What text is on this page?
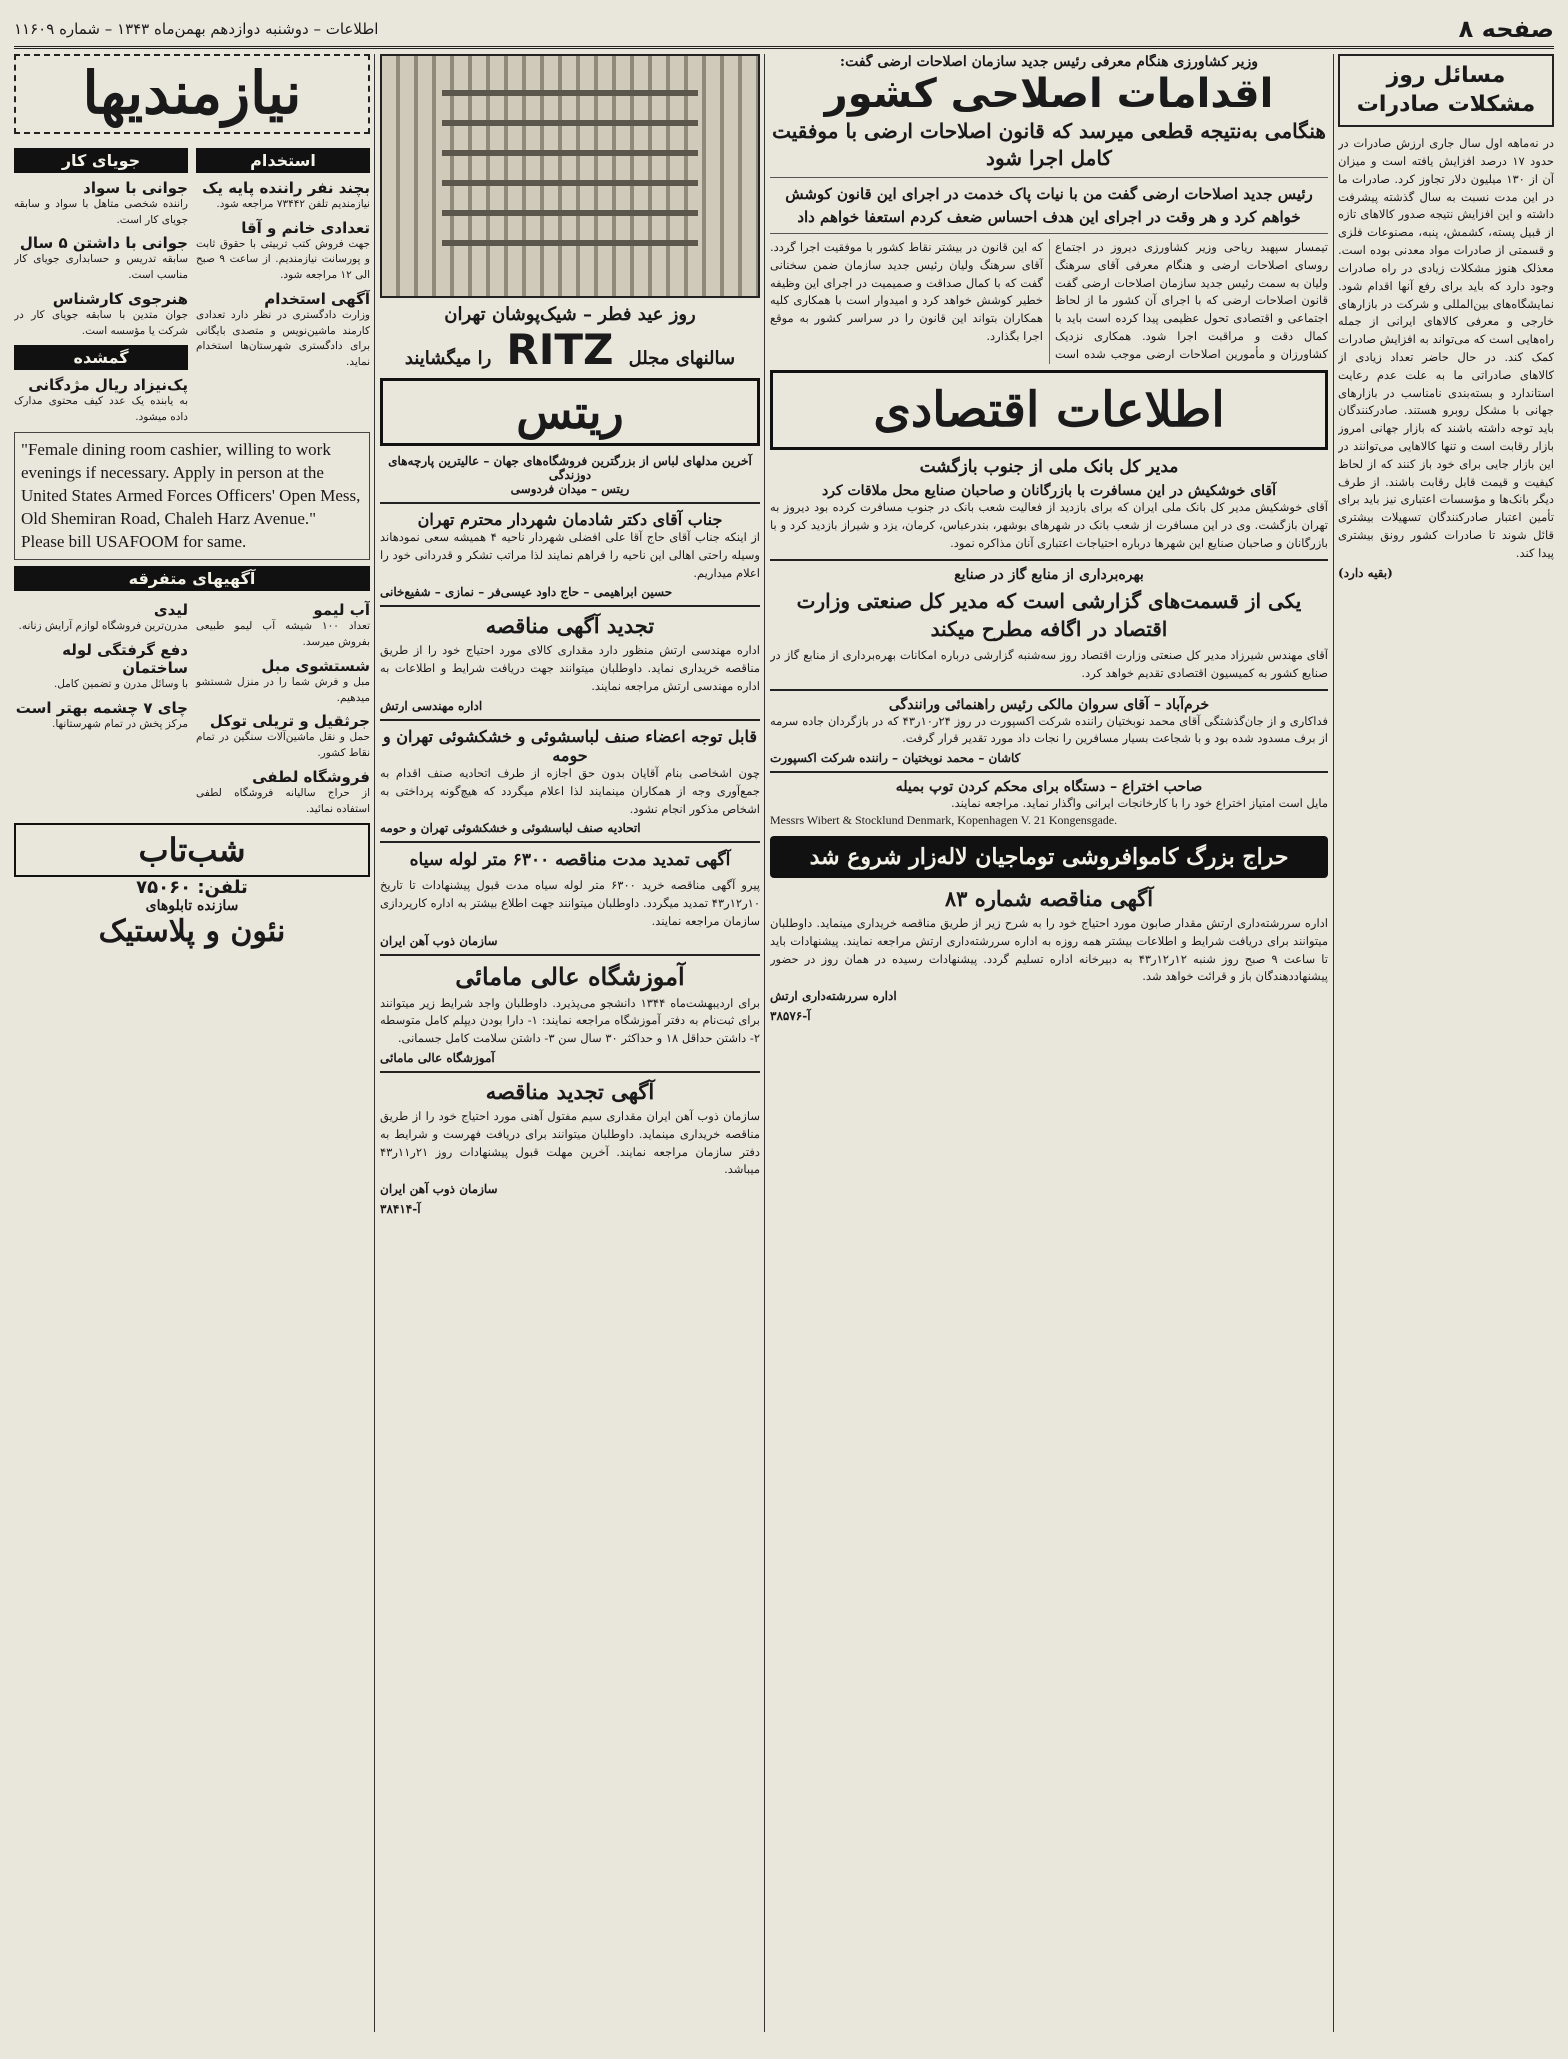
صفحه ۸
اطلاعات – دوشنبه دوازدهم بهمن‌ماه ۱۳۴۳ – شماره ۱۱۶۰۹
مسائل روز مشکلات صادرات
در نه‌ماهه اول سال جاری ارزش صادرات در حدود ۱۷ درصد افزایش یافته است و میزان آن از ۱۳۰ میلیون دلار تجاوز کرد. صادرات ما در این مدت نسبت به سال گذشته پیشرفت داشته و این افزایش نتیجه صدور کالاهای تازه از قبیل پسته، کشمش، پنبه، مصنوعات فلزی و قسمتی از صادرات مواد معدنی بوده است. معذلک هنوز مشکلات زیادی در راه صادرات وجود دارد که باید برای رفع آنها اقدام شود. نمایشگاه‌های بین‌المللی و شرکت در بازارهای خارجی و معرفی کالاهای ایرانی از جمله راه‌هایی است که می‌تواند به افزایش صادرات کمک کند. در حال حاضر تعداد زیادی از کالاهای صادراتی ما به علت عدم رعایت استاندارد و بسته‌بندی نامناسب در بازارهای جهانی با مشکل روبرو هستند. صادرکنندگان باید توجه داشته باشند که بازار جهانی امروز بازار رقابت است و تنها کالاهایی می‌توانند در این بازار جایی برای خود باز کنند که از لحاظ کیفیت و قیمت قابل رقابت باشند. از طرف دیگر بانک‌ها و مؤسسات اعتباری نیز باید برای تأمین اعتبار صادرکنندگان تسهیلات بیشتری قائل شوند تا صادرات کشور رونق بیشتری پیدا کند.
(بقیه دارد)
وزیر کشاورزی هنگام معرفی رئیس جدید سازمان اصلاحات ارضی گفت:
اقدامات اصلاحی کشور
هنگامی به‌نتیجه قطعی میرسد که قانون اصلاحات ارضی با موفقیت کامل اجرا شود
رئیس جدید اصلاحات ارضی گفت من با نیات پاک خدمت در اجرای این قانون کوشش خواهم کرد و هر وقت در اجرای این هدف احساس ضعف کردم استعفا خواهم داد
تیمسار سپهبد ریاحی وزیر کشاورزی دیروز در اجتماع روسای اصلاحات ارضی و هنگام معرفی آقای سرهنگ ولیان به سمت رئیس جدید سازمان اصلاحات ارضی گفت قانون اصلاحات ارضی که با اجرای آن کشور ما از لحاظ اجتماعی و اقتصادی تحول عظیمی پیدا کرده است باید با کمال دقت و مراقبت اجرا شود. همکاری نزدیک کشاورزان و مأمورین اصلاحات ارضی موجب شده است که این قانون در بیشتر نقاط کشور با موفقیت اجرا گردد. آقای سرهنگ ولیان رئیس جدید سازمان ضمن سخنانی گفت که با کمال صداقت و صمیمیت در اجرای این وظیفه خطیر کوشش خواهد کرد و امیدوار است با همکاری کلیه همکاران بتواند این قانون را در سراسر کشور به موقع اجرا بگذارد.
اطلاعات اقتصادی
مدیر کل بانک ملی از جنوب بازگشت
آقای خوشکیش در این مسافرت با بازرگانان و صاحبان صنایع محل ملاقات کرد
آقای خوشکیش مدیر کل بانک ملی ایران که برای بازدید از فعالیت شعب بانک در جنوب مسافرت کرده بود دیروز به تهران بازگشت. وی در این مسافرت از شعب بانک در شهرهای بوشهر، بندرعباس، کرمان، یزد و شیراز بازدید کرد و با بازرگانان و صاحبان صنایع این شهرها درباره احتیاجات اعتباری آنان مذاکره نمود.
بهره‌برداری از منابع گاز در صنایع
یکی از قسمت‌های گزارشی است که مدیر کل صنعتی وزارت اقتصاد در اگافه مطرح میکند
آقای مهندس شیرزاد مدیر کل صنعتی وزارت اقتصاد روز سه‌شنبه گزارشی درباره امکانات بهره‌برداری از منابع گاز در صنایع کشور به کمیسیون اقتصادی تقدیم خواهد کرد.
خرم‌آباد – آقای سروان مالکی رئیس راهنمائی ورانندگی
فداکاری و از جان‌گذشتگی آقای محمد نوبختیان راننده شرکت اکسپورت در روز ۲۴ر۱۰ر۴۳ که در بازگردان جاده سرمه از برف مسدود شده بود و با شجاعت بسیار مسافرین را نجات داد مورد تقدیر قرار گرفت.
کاشان – محمد نوبختیان – راننده شرکت اکسپورت
صاحب اختراع – دستگاه برای محکم کردن توپ بمیله
مایل است امتیاز اختراع خود را با کارخانجات ایرانی واگذار نماید. مراجعه نمایند.
Messrs Wibert & Stocklund Denmark, Kopenhagen V. 21 Kongensgade.
حراج بزرگ کاموافروشی توماجیان لاله‌زار شروع شد
آگهی مناقصه شماره ۸۳
اداره سررشته‌داری ارتش مقدار صابون مورد احتیاج خود را به شرح زیر از طریق مناقصه خریداری مینماید. داوطلبان میتوانند برای دریافت شرایط و اطلاعات بیشتر همه روزه به اداره سررشته‌داری ارتش مراجعه نمایند. پیشنهادات باید تا ساعت ۹ صبح روز شنبه ۱۲ر۱۲ر۴۳ به دبیرخانه اداره تسلیم گردد. پیشنهادات رسیده در همان روز در حضور پیشنهاددهندگان باز و قرائت خواهد شد.
اداره سررشته‌داری ارتش
آ-۳۸۵۷۶
روز عید فطر – شیک‌پوشان تهران
سالنهای مجلل RITZ را میگشایند
ریتس
آخرین مدلهای لباس از بزرگترین فروشگاه‌های جهان – عالیترین پارچه‌های دوزندگی
ریتس – میدان فردوسی
جناب آقای دکتر شادمان شهردار محترم تهران
از اینکه جناب آقای حاج آقا علی افضلی شهردار ناحیه ۴ همیشه سعی نمودهاند وسیله راحتی اهالی این ناحیه را فراهم نمایند لذا مراتب تشکر و قدردانی خود را اعلام میداریم.
حسین ابراهیمی – حاج داود عیسی‌فر – نمازی – شفیع‌خانی
تجدید آگهی مناقصه
اداره مهندسی ارتش منظور دارد مقداری کالای مورد احتیاج خود را از طریق مناقصه خریداری نماید. داوطلبان میتوانند جهت دریافت شرایط و اطلاعات به اداره مهندسی ارتش مراجعه نمایند.
اداره مهندسی ارتش
قابل توجه اعضاء صنف لباسشوئی و خشکشوئی تهران و حومه
چون اشخاصی بنام آقایان بدون حق اجازه از طرف اتحادیه صنف اقدام به جمع‌آوری وجه از همکاران مینمایند لذا اعلام میگردد که هیچ‌گونه پرداختی به اشخاص مذکور انجام نشود.
اتحادیه صنف لباسشوئی و خشکشوئی تهران و حومه
آگهی تمدید مدت مناقصه ۶۳۰۰ متر لوله سیاه
پیرو آگهی مناقصه خرید ۶۳۰۰ متر لوله سیاه مدت قبول پیشنهادات تا تاریخ ۱۰ر۱۲ر۴۳ تمدید میگردد. داوطلبان میتوانند جهت اطلاع بیشتر به اداره کارپردازی سازمان مراجعه نمایند.
سازمان ذوب آهن ایران
آموزشگاه عالی مامائی
برای اردیبهشت‌ماه ۱۳۴۴ دانشجو می‌پذیرد. داوطلبان واجد شرایط زیر میتوانند برای ثبت‌نام به دفتر آموزشگاه مراجعه نمایند: ۱- دارا بودن دیپلم کامل متوسطه ۲- داشتن حداقل ۱۸ و حداکثر ۳۰ سال سن ۳- داشتن سلامت کامل جسمانی.
آموزشگاه عالی مامائی
آگهی تجدید مناقصه
سازمان ذوب آهن ایران مقداری سیم مفتول آهنی مورد احتیاج خود را از طریق مناقصه خریداری مینماید. داوطلبان میتوانند برای دریافت فهرست و شرایط به دفتر سازمان مراجعه نمایند. آخرین مهلت قبول پیشنهادات روز ۲۱ر۱۱ر۴۳ میباشد.
سازمان ذوب آهن ایران
آ-۳۸۴۱۴
نیازمندیها
استخدام
بچند نفر راننده پایه یک
نیازمندیم تلفن ۷۳۴۴۲ مراجعه شود.
تعدادی خانم و آقا
جهت فروش کتب تربیتی با حقوق ثابت و پورسانت نیازمندیم. از ساعت ۹ صبح الی ۱۲ مراجعه شود.
آگهی استخدام
وزارت دادگستری در نظر دارد تعدادی کارمند ماشین‌نویس و متصدی بایگانی برای دادگستری شهرستان‌ها استخدام نماید.
جویای کار
جوانی با سواد
راننده شخصی متاهل با سواد و سابقه جویای کار است.
جوانی با داشتن ۵ سال
سابقه تدریس و حسابداری جویای کار مناسب است.
هنرجوی کارشناس
جوان متدین با سابقه جویای کار در شرکت یا مؤسسه است.
گمشده
پک‌نیزاد ریال مژدگانی
به یابنده یک عدد کیف محتوی مدارک داده میشود.
"Female dining room cashier, willing to work evenings if necessary. Apply in person at the United States Armed Forces Officers' Open Mess, Old Shemiran Road, Chaleh Harz Avenue." Please bill USAFOOM for same.
آگهیهای متفرقه
آب لیمو
تعداد ۱۰۰ شیشه آب لیمو طبیعی بفروش میرسد.
شستشوی مبل
مبل و فرش شما را در منزل شستشو میدهیم.
جرثقیل و تریلی توکل
حمل و نقل ماشین‌آلات سنگین در تمام نقاط کشور.
فروشگاه لطفی
از حراج سالیانه فروشگاه لطفی استفاده نمائید.
لیدی
مدرن‌ترین فروشگاه لوازم آرایش زنانه.
دفع گرفتگی لوله ساختمان
با وسائل مدرن و تضمین کامل.
چای ۷ چشمه بهتر است
مرکز پخش در تمام شهرستانها.
شب‌تاب
تلفن: ۷۵۰۶۰
سازنده تابلوهای
نئون و پلاستیک
